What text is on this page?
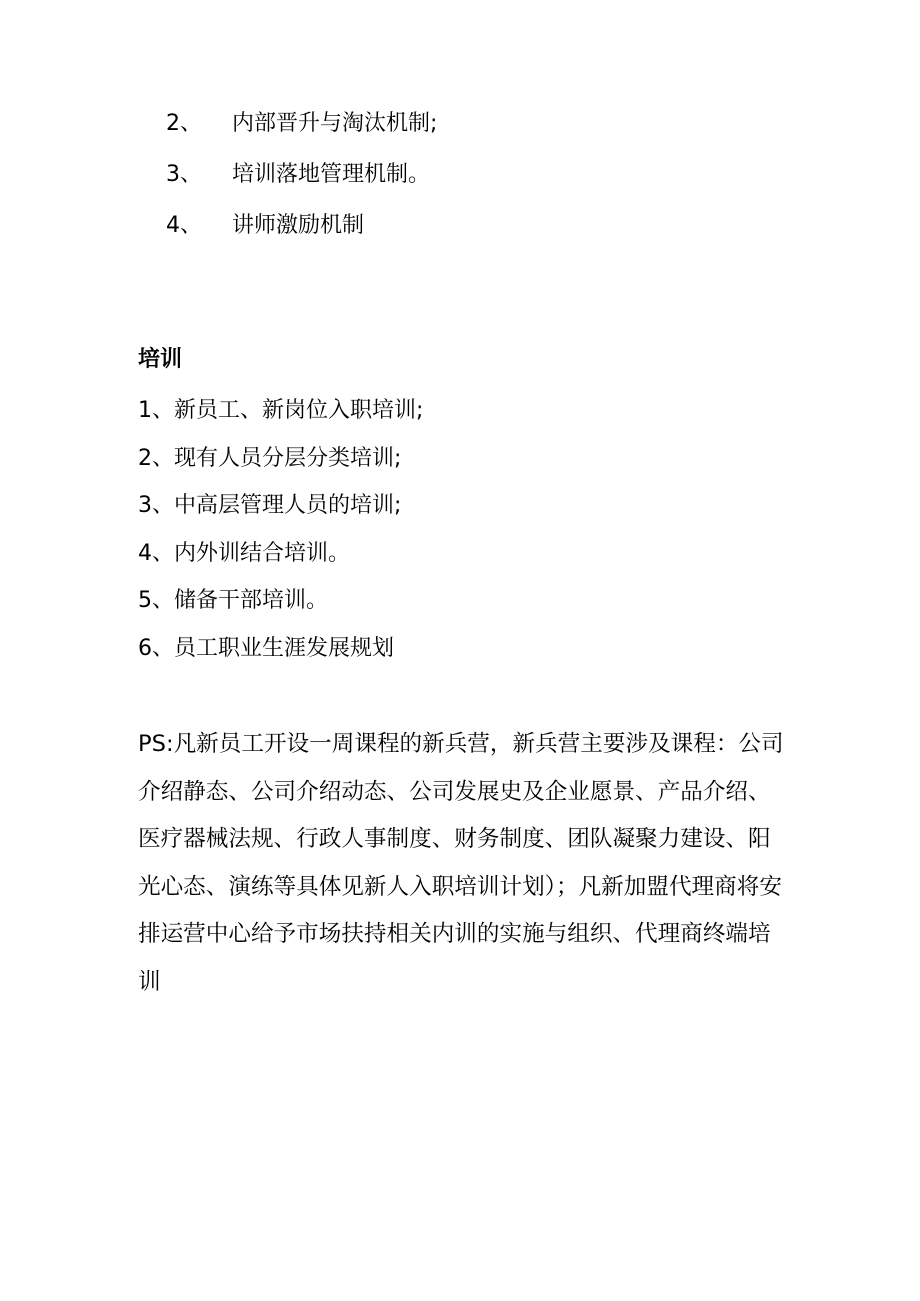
2、	内部晋升与淘汰机制;
3、	培训落地管理机制。
4、	讲师激励机制
培训
1、新员工、新岗位入职培训;
2、现有人员分层分类培训;
3、中高层管理人员的培训;
4、内外训结合培训。
5、储备干部培训。
6、员工职业生涯发展规划

PS:凡新员工开设一周课程的新兵营，新兵营主要涉及课程：公司介绍静态、公司介绍动态、公司发展史及企业愿景、产品介绍、医疗器械法规、行政人事制度、财务制度、团队凝聚力建设、阳光心态、演练等具体见新人入职培训计划）；凡新加盟代理商将安排运营中心给予市场扶持相关内训的实施与组织、代理商终端培训
